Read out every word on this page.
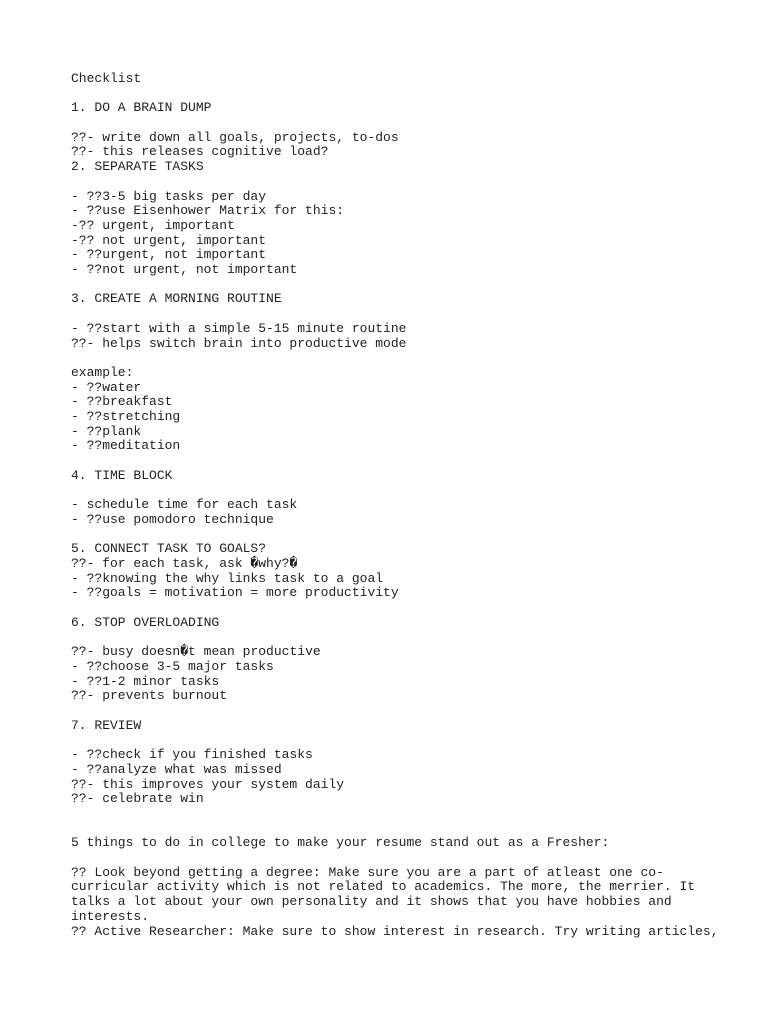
Checklist
1. DO A BRAIN DUMP
??- write down all goals, projects, to-dos
??- this releases cognitive load?
2. SEPARATE TASKS
- ??3-5 big tasks per day
- ??use Eisenhower Matrix for this:
-?? urgent, important
-?? not urgent, important
- ??urgent, not important
- ??not urgent, not important
3. CREATE A MORNING ROUTINE
- ??start with a simple 5-15 minute routine
??- helps switch brain into productive mode
example:
- ??water
- ??breakfast
- ??stretching
- ??plank
- ??meditation
4. TIME BLOCK
- schedule time for each task
- ??use pomodoro technique
5. CONNECT TASK TO GOALS?
??- for each task, ask �why?�
- ??knowing the why links task to a goal
- ??goals = motivation = more productivity
6. STOP OVERLOADING
??- busy doesn�t mean productive
- ??choose 3-5 major tasks
- ??1-2 minor tasks
??- prevents burnout
7. REVIEW
- ??check if you finished tasks
- ??analyze what was missed
??- this improves your system daily
??- celebrate win
5 things to do in college to make your resume stand out as a Fresher:
?? Look beyond getting a degree: Make sure you are a part of atleast one co-
curricular activity which is not related to academics. The more, the merrier. It
talks a lot about your own personality and it shows that you have hobbies and
interests.
?? Active Researcher: Make sure to show interest in research. Try writing articles,
